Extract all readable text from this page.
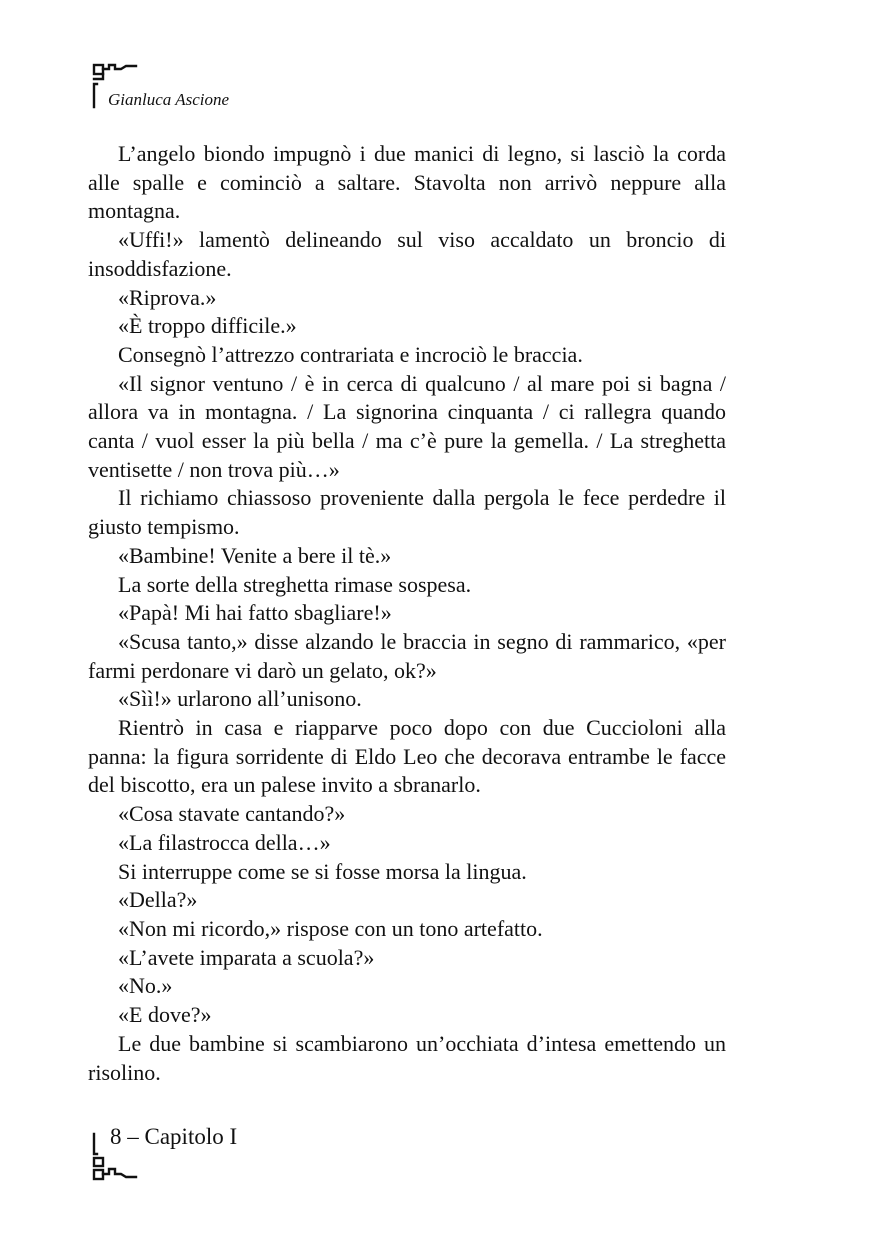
Gianluca Ascione

L’angelo biondo impugnò i due manici di legno, si lasciò la corda alle spalle e cominciò a saltare. Stavolta non arrivò neppure alla montagna.

«Uffi!» lamentò delineando sul viso accaldato un broncio di insoddisfazione.

«Riprova.»

«È troppo difficile.»

Consegnò l’attrezzo contrariata e incrociò le braccia.

«Il signor ventuno / è in cerca di qualcuno / al mare poi si bagna / allora va in montagna. / La signorina cinquanta / ci rallegra quando canta / vuol esser la più bella / ma c’è pure la gemella. / La streghetta ventisette / non trova più…»

Il richiamo chiassoso proveniente dalla pergola le fece perdedre il giusto tempismo.

«Bambine! Venite a bere il tè.»

La sorte della streghetta rimase sospesa.

«Papà! Mi hai fatto sbagliare!»

«Scusa tanto,» disse alzando le braccia in segno di rammarico, «per farmi perdonare vi darò un gelato, ok?»

«Sìì!» urlarono all’unisono.

Rientrò in casa e riapparve poco dopo con due Cuccioloni alla panna: la figura sorridente di Eldo Leo che decorava entrambe le facce del biscotto, era un palese invito a sbranarlo.

«Cosa stavate cantando?»

«La filastrocca della…»

Si interruppe come se si fosse morsa la lingua.

«Della?»

«Non mi ricordo,» rispose con un tono artefatto.

«L’avete imparata a scuola?»

«No.»

«E dove?»

Le due bambine si scambiarono un’occhiata d’intesa emettendo un risolino.

8 – Capitolo I
